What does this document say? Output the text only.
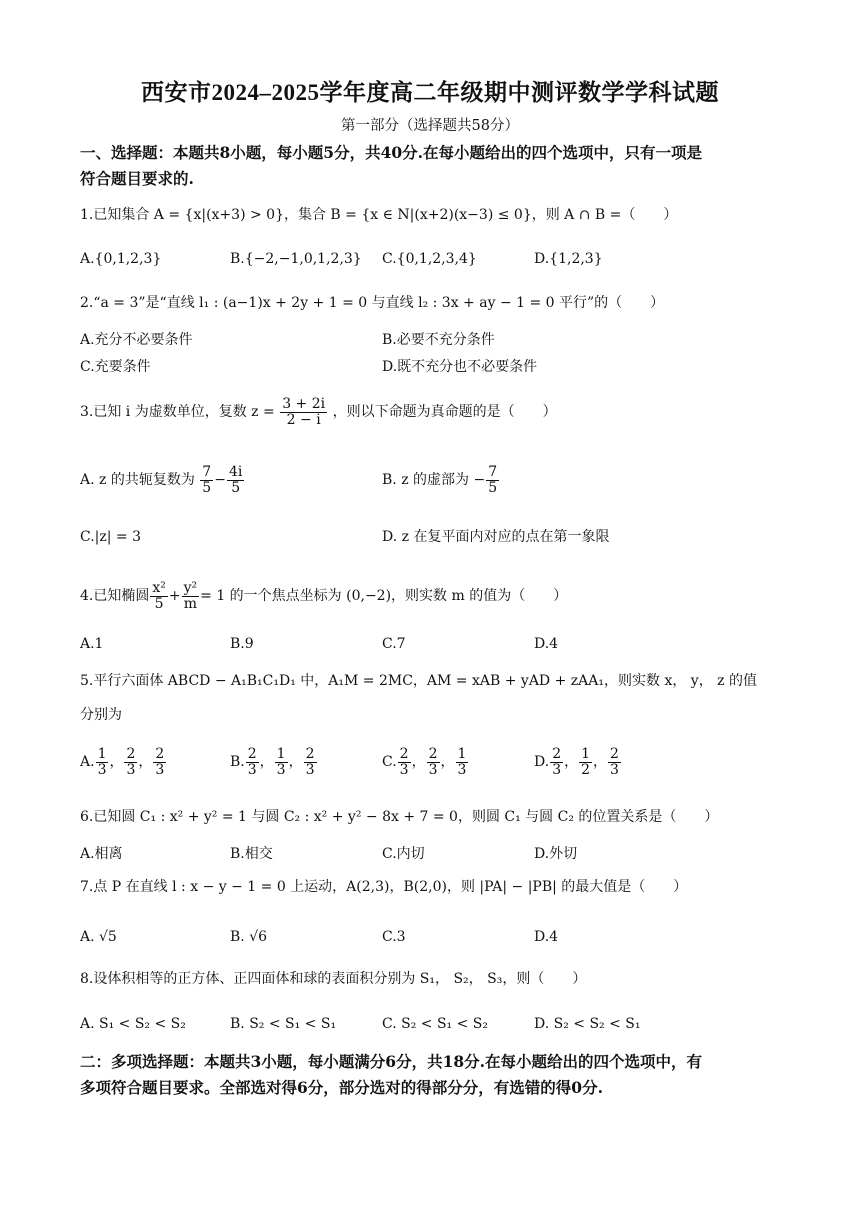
西安市2024–2025学年度高二年级期中测评数学学科试题
第一部分（选择题共58分）
一、选择题：本题共8小题，每小题5分，共40分.在每小题给出的四个选项中，只有一项是
符合题目要求的.
1.已知集合 A = {x|(x+3) > 0}，集合 B = {x ∈ N|(x+2)(x−3) ≤ 0}，则 A ∩ B =（　　）
A.{0,1,2,3}	B.{−2,−1,0,1,2,3} C.{0,1,2,3,4}	D.{1,2,3}
2.“a = 3”是“直线 l₁ : (a−1)x + 2y + 1 = 0 与直线 l₂ : 3x + ay − 1 = 0 平行”的（　　）
A.充分不必要条件	B.必要不充分条件
C.充要条件	D.既不充分也不必要条件
3.已知 i 为虚数单位，复数 $z = \frac{3 + 2i}{2 - i}$ ，则以下命题为真命题的是（　　）
A. z 的共轭复数为 $\frac{7}{5} - \frac{4i}{5}$	B. z 的虚部为 − $\frac{7}{5}$
C.|z| = 3	D. z 在复平面内对应的点在第一象限
4.已知椭圆 $\frac{\text{x²}}{5} + \frac{\text{y²}}{m} = 1$ 的一个焦点坐标为 (0,−2)，则实数 m 的值为（　　）
A.1	B.9	C.7	D.4
5.平行六面体 ABCD − A₁B₁C₁D₁ 中，A₁M = 2MC，AM = xAB + yAD + zAA₁，则实数 x， y， z 的值
分别为
A. $\frac{1}{3}$ ， $\frac{2}{3}$ ， $\frac{2}{3}$	B. $\frac{2}{3}$ ， $\frac{1}{3}$ ， $\frac{2}{3}$	C. $\frac{2}{3}$ ， $\frac{2}{3}$ ， $\frac{1}{3}$	D. $\frac{2}{3}$ ， $\frac{1}{2}$ ， $\frac{2}{3}$
6.已知圆 C₁ : x² + y² = 1 与圆 C₂ : x² + y² − 8x + 7 = 0，则圆 C₁ 与圆 C₂ 的位置关系是（　　）
A.相离	B.相交	C.内切	D.外切
7.点 P 在直线 l : x − y − 1 = 0 上运动，A(2,3)，B(2,0)，则 |PA| − |PB| 的最大值是（　　）
A. √5	B. √6	C.3	D.4
8.设体积相等的正方体、正四面体和球的表面积分别为 S₁， S₂， S₃，则（　　）
A. S₁ < S₂ < S₂	B. S₂ < S₁ < S₁	C. S₂ < S₁ < S₂	D. S₂ < S₂ < S₁
二：多项选择题：本题共3小题，每小题满分6分，共18分.在每小题给出的四个选项中，有
多项符合题目要求。全部选对得6分，部分选对的得部分分，有选错的得0分.
